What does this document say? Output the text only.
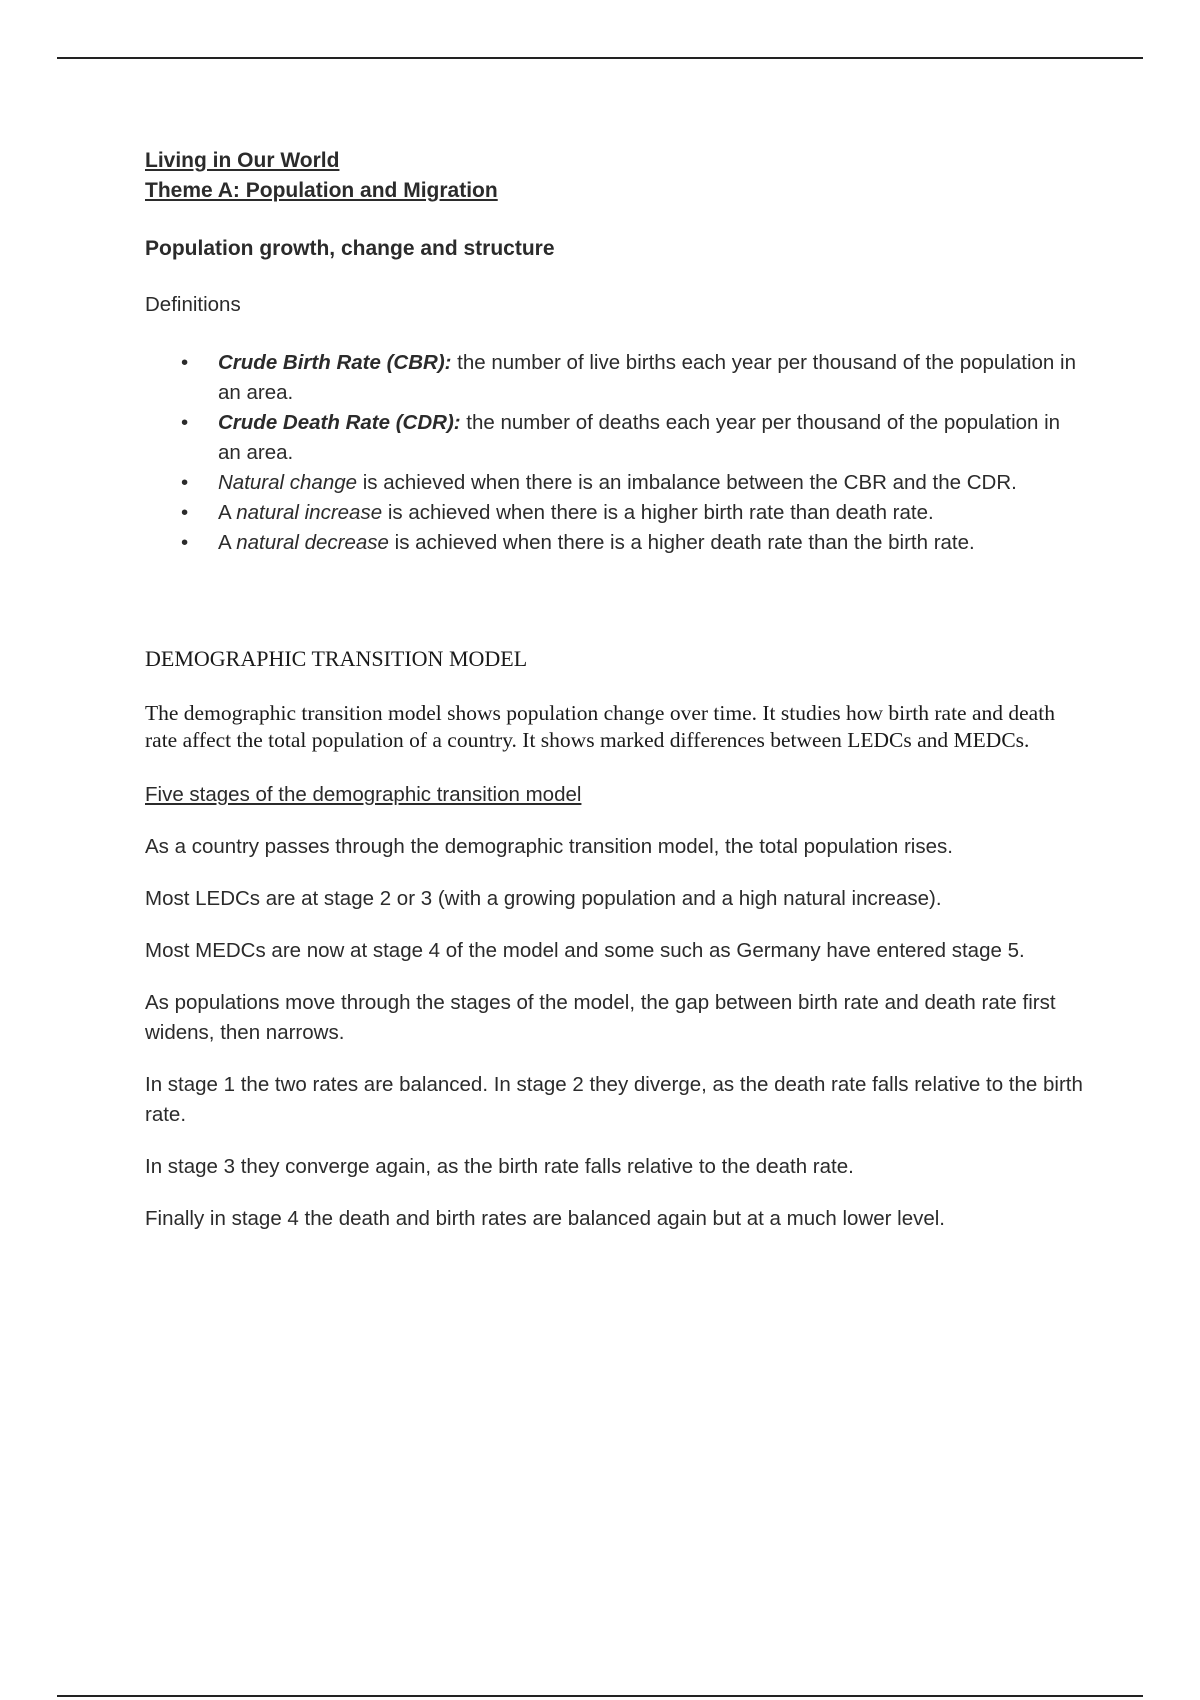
Living in Our World

Theme A: Population and Migration

Population growth, change and structure

Definitions

• Crude Birth Rate (CBR): the number of live births each year per thousand of the population in an area.
• Crude Death Rate (CDR): the number of deaths each year per thousand of the population in an area.
• Natural change is achieved when there is an imbalance between the CBR and the CDR.
• A natural increase is achieved when there is a higher birth rate than death rate.
• A natural decrease is achieved when there is a higher death rate than the birth rate.

DEMOGRAPHIC TRANSITION MODEL

The demographic transition model shows population change over time. It studies how birth rate and death rate affect the total population of a country. It shows marked differences between LEDCs and MEDCs.

Five stages of the demographic transition model

As a country passes through the demographic transition model, the total population rises.

Most LEDCs are at stage 2 or 3 (with a growing population and a high natural increase).

Most MEDCs are now at stage 4 of the model and some such as Germany have entered stage 5.

As populations move through the stages of the model, the gap between birth rate and death rate first widens, then narrows.

In stage 1 the two rates are balanced. In stage 2 they diverge, as the death rate falls relative to the birth rate.

In stage 3 they converge again, as the birth rate falls relative to the death rate.

Finally in stage 4 the death and birth rates are balanced again but at a much lower level.
